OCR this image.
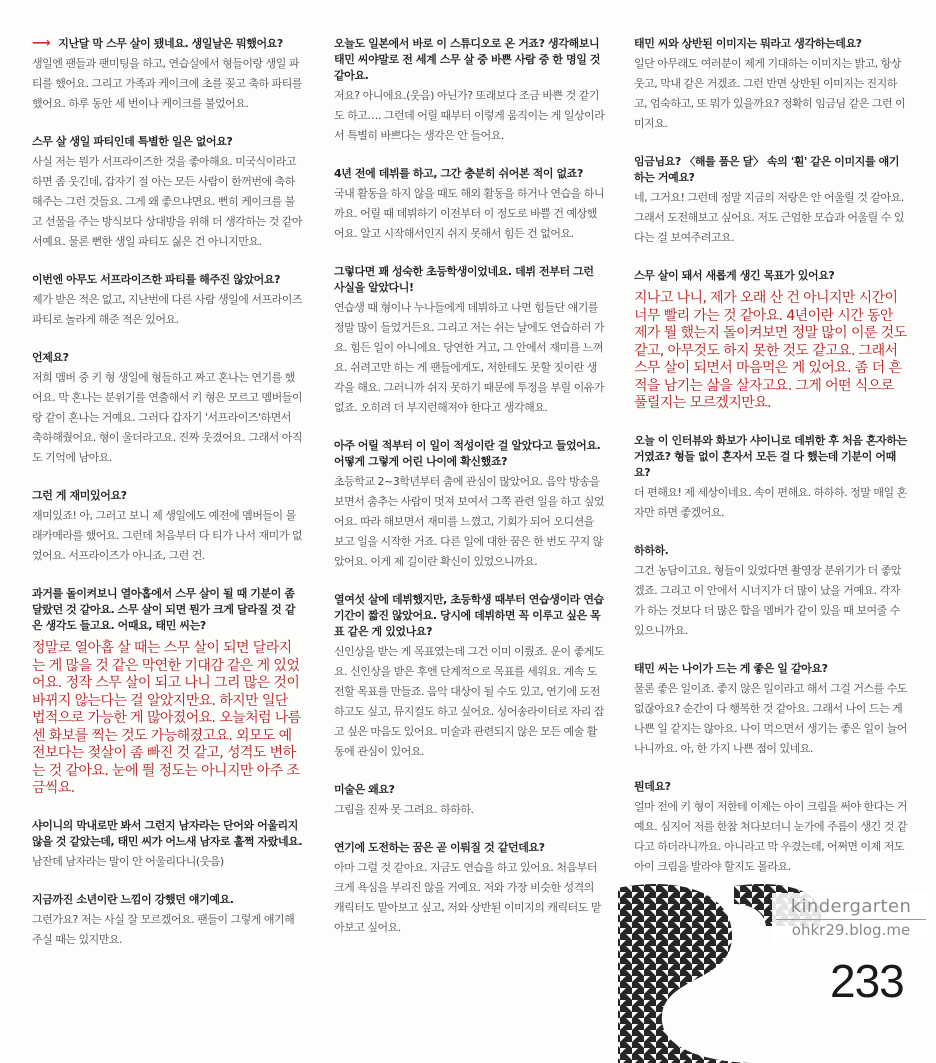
⟶ 지난달 막 스무 살이 됐네요. 생일날은 뭐했어요?

생일엔 팬들과 팬미팅을 하고, 연습실에서 형들이랑 생일 파티를 했어요. 그리고 가족과 케이크에 초를 꽂고 축하 파티를 했어요. 하루 동안 세 번이나 케이크를 불었어요.

스무 살 생일 파티인데 특별한 일은 없어요?

사실 저는 뭔가 서프라이즈한 것을 좋아해요. 미국식이라고 하면 좀 웃긴데, 갑자기 절 아는 모든 사람이 한꺼번에 축하해주는 그런 것들요. 그게 왜 좋으냐면요. 뻔히 케이크를 불고 선물을 주는 방식보다 상대방을 위해 더 생각하는 것 같아서예요. 물론 뻔한 생일 파티도 싫은 건 아니지만요.

이번엔 아무도 서프라이즈한 파티를 해주진 않았어요?

제가 받은 적은 없고, 지난번에 다른 사람 생일에 서프라이즈 파티로 놀라게 해준 적은 있어요.

언제요?

저희 멤버 중 키 형 생일에 형들하고 짜고 혼나는 연기를 했어요. 막 혼나는 분위기를 연출해서 키 형은 모르고 멤버들이랑 같이 혼나는 거예요. 그러다 갑자기 '서프라이즈'하면서 축하해줬어요. 형이 울더라고요. 진짜 웃겼어요. 그래서 아직도 기억에 남아요.

그런 게 재미있어요?

재미있죠! 아, 그러고 보니 제 생일에도 예전에 멤버들이 몰래카메라를 했어요. 그런데 처음부터 다 티가 나서 재미가 없었어요. 서프라이즈가 아니죠, 그런 건.

과거를 돌이켜보니 열아홉에서 스무 살이 될 때 기분이 좀 달랐던 것 같아요. 스무 살이 되면 뭔가 크게 달라질 것 같은 생각도 들고요. 어때요, 태민 씨는?

정말로 열아홉 살 때는 스무 살이 되면 달라지는 게 많을 것 같은 막연한 기대감 같은 게 있었어요. 정작 스무 살이 되고 나니 그리 많은 것이 바뀌지 않는다는 걸 알았지만요. 하지만 일단 법적으로 가능한 게 많아졌어요. 오늘처럼 나름 센 화보를 찍는 것도 가능해졌고요. 외모도 예전보다는 젖살이 좀 빠진 것 같고, 성격도 변하는 것 같아요. 눈에 띌 정도는 아니지만 아주 조금씩요.

샤이니의 막내로만 봐서 그런지 남자라는 단어와 어울리지 않을 것 같았는데, 태민 씨가 어느새 남자로 훌쩍 자랐네요.

남잔데 남자라는 말이 안 어울리다니(웃음)

지금까진 소년이란 느낌이 강했던 얘기예요.

그런가요? 저는 사실 잘 모르겠어요. 팬들이 그렇게 얘기해주실 때는 있지만요.

오늘도 일본에서 바로 이 스튜디오로 온 거죠? 생각해보니 태민 씨야말로 전 세계 스무 살 중 바쁜 사람 중 한 명일 것 같아요.

저요? 아니에요.(웃음) 아닌가? 또래보다 조금 바쁜 것 같기도 하고…. 그런데 어릴 때부터 이렇게 움직이는 게 일상이라서 특별히 바쁘다는 생각은 안 들어요.

4년 전에 데뷔를 하고, 그간 충분히 쉬어본 적이 없죠?

국내 활동을 하지 않을 때도 해외 활동을 하거나 연습을 하니까요. 어릴 때 데뷔하기 이전부터 이 정도로 바쁠 건 예상했어요. 알고 시작해서인지 쉬지 못해서 힘든 건 없어요.

그렇다면 꽤 성숙한 초등학생이었네요. 데뷔 전부터 그런 사실을 알았다니!

연습생 때 형이나 누나들에게 데뷔하고 나면 힘들단 얘기를 정말 많이 들었거든요. 그리고 저는 쉬는 날에도 연습하러 가요. 힘든 일이 아니에요. 당연한 거고, 그 안에서 재미를 느껴요. 쉬려고만 하는 게 팬들에게도, 저한테도 못할 짓이란 생각을 해요. 그러니까 쉬지 못하기 때문에 투정을 부릴 이유가 없죠. 오히려 더 부지런해져야 한다고 생각해요.

아주 어릴 적부터 이 일이 적성이란 걸 알았다고 들었어요. 어떻게 그렇게 어린 나이에 확신했죠?

초등학교 2~3학년부터 춤에 관심이 많았어요. 음악 방송을 보면서 춤추는 사람이 멋져 보여서 그쪽 관련 일을 하고 싶었어요. 따라 해보면서 재미를 느꼈고, 기회가 되어 오디션을 보고 일을 시작한 거죠. 다른 일에 대한 꿈은 한 번도 꾸지 않았어요. 이게 제 길이란 확신이 있었으니까요.

열여섯 살에 데뷔했지만, 초등학생 때부터 연습생이라 연습 기간이 짧진 않았어요. 당시에 데뷔하면 꼭 이루고 싶은 목표 같은 게 있었나요?

신인상을 받는 게 목표였는데 그건 이미 이뤘죠. 운이 좋게도요. 신인상을 받은 후엔 단계적으로 목표를 세워요. 계속 도전할 목표를 만들죠. 음악 대상이 될 수도 있고, 연기에 도전하고도 싶고, 뮤지컬도 하고 싶어요. 싱어송라이터로 자리 잡고 싶은 마음도 있어요. 미술과 관련되지 않은 모든 예술 활동에 관심이 있어요.

미술은 왜요?

그림을 진짜 못 그려요. 하하하.

연기에 도전하는 꿈은 곧 이뤄질 것 같던데요?

아마 그럴 것 같아요. 지금도 연습을 하고 있어요. 처음부터 크게 욕심을 부리진 않을 거예요. 저와 가장 비슷한 성격의 캐릭터도 맡아보고 싶고, 저와 상반된 이미지의 캐릭터도 맡아보고 싶어요.

태민 씨와 상반된 이미지는 뭐라고 생각하는데요?

일단 아무래도 여러분이 제게 기대하는 이미지는 밝고, 항상 웃고, 막내 같은 거겠죠. 그런 반면 상반된 이미지는 진지하고, 엄숙하고, 또 뭐가 있을까요? 정확히 임금님 같은 그런 이미지요.

임금님요? 〈해를 품은 달〉 속의 '훤' 같은 이미지를 얘기하는 거예요?

네, 그거요! 그런데 정말 지금의 저랑은 안 어울릴 것 같아요. 그래서 도전해보고 싶어요. 저도 근엄한 모습과 어울릴 수 있다는 걸 보여주려고요.

스무 살이 돼서 새롭게 생긴 목표가 있어요?

지나고 나니, 제가 오래 산 건 아니지만 시간이 너무 빨리 가는 것 같아요. 4년이란 시간 동안 제가 뭘 했는지 돌이켜보면 정말 많이 이룬 것도 같고, 아무것도 하지 못한 것도 같고요. 그래서 스무 살이 되면서 마음먹은 게 있어요. 좀 더 흔적을 남기는 삶을 살자고요. 그게 어떤 식으로 풀릴지는 모르겠지만요.

오늘 이 인터뷰와 화보가 샤이니로 데뷔한 후 처음 혼자하는 거였죠? 형들 없이 혼자서 모든 걸 다 했는데 기분이 어때요?

더 편해요! 제 세상이네요. 속이 편해요. 하하하. 정말 매일 혼자만 하면 좋겠어요.

하하하.

그건 농담이고요. 형들이 있었다면 촬영장 분위기가 더 좋았겠죠. 그리고 이 안에서 시너지가 더 많이 났을 거예요. 각자가 하는 것보다 더 많은 합을 멤버가 같이 있을 때 보여줄 수 있으니까요.

태민 씨는 나이가 드는 게 좋은 일 같아요?

물론 좋은 일이죠. 좋지 않은 일이라고 해서 그걸 거스를 수도 없잖아요? 순간이 다 행복한 것 같아요. 그래서 나이 드는 게 나쁜 일 같지는 않아요. 나이 먹으면서 생기는 좋은 일이 늘어나니까요. 아, 한 가지 나쁜 점이 있네요.

뭔데요?

얼마 전에 키 형이 저한테 이제는 아이 크림을 써야 한다는 거예요. 심지어 저를 한참 쳐다보더니 눈가에 주름이 생긴 것 같다고 하더라니까요. 아니라고 막 우겼는데, 어쩌면 이제 저도 아이 크림을 발라야 할지도 몰라요.

kindergarten
ohkr29.blog.me
233
